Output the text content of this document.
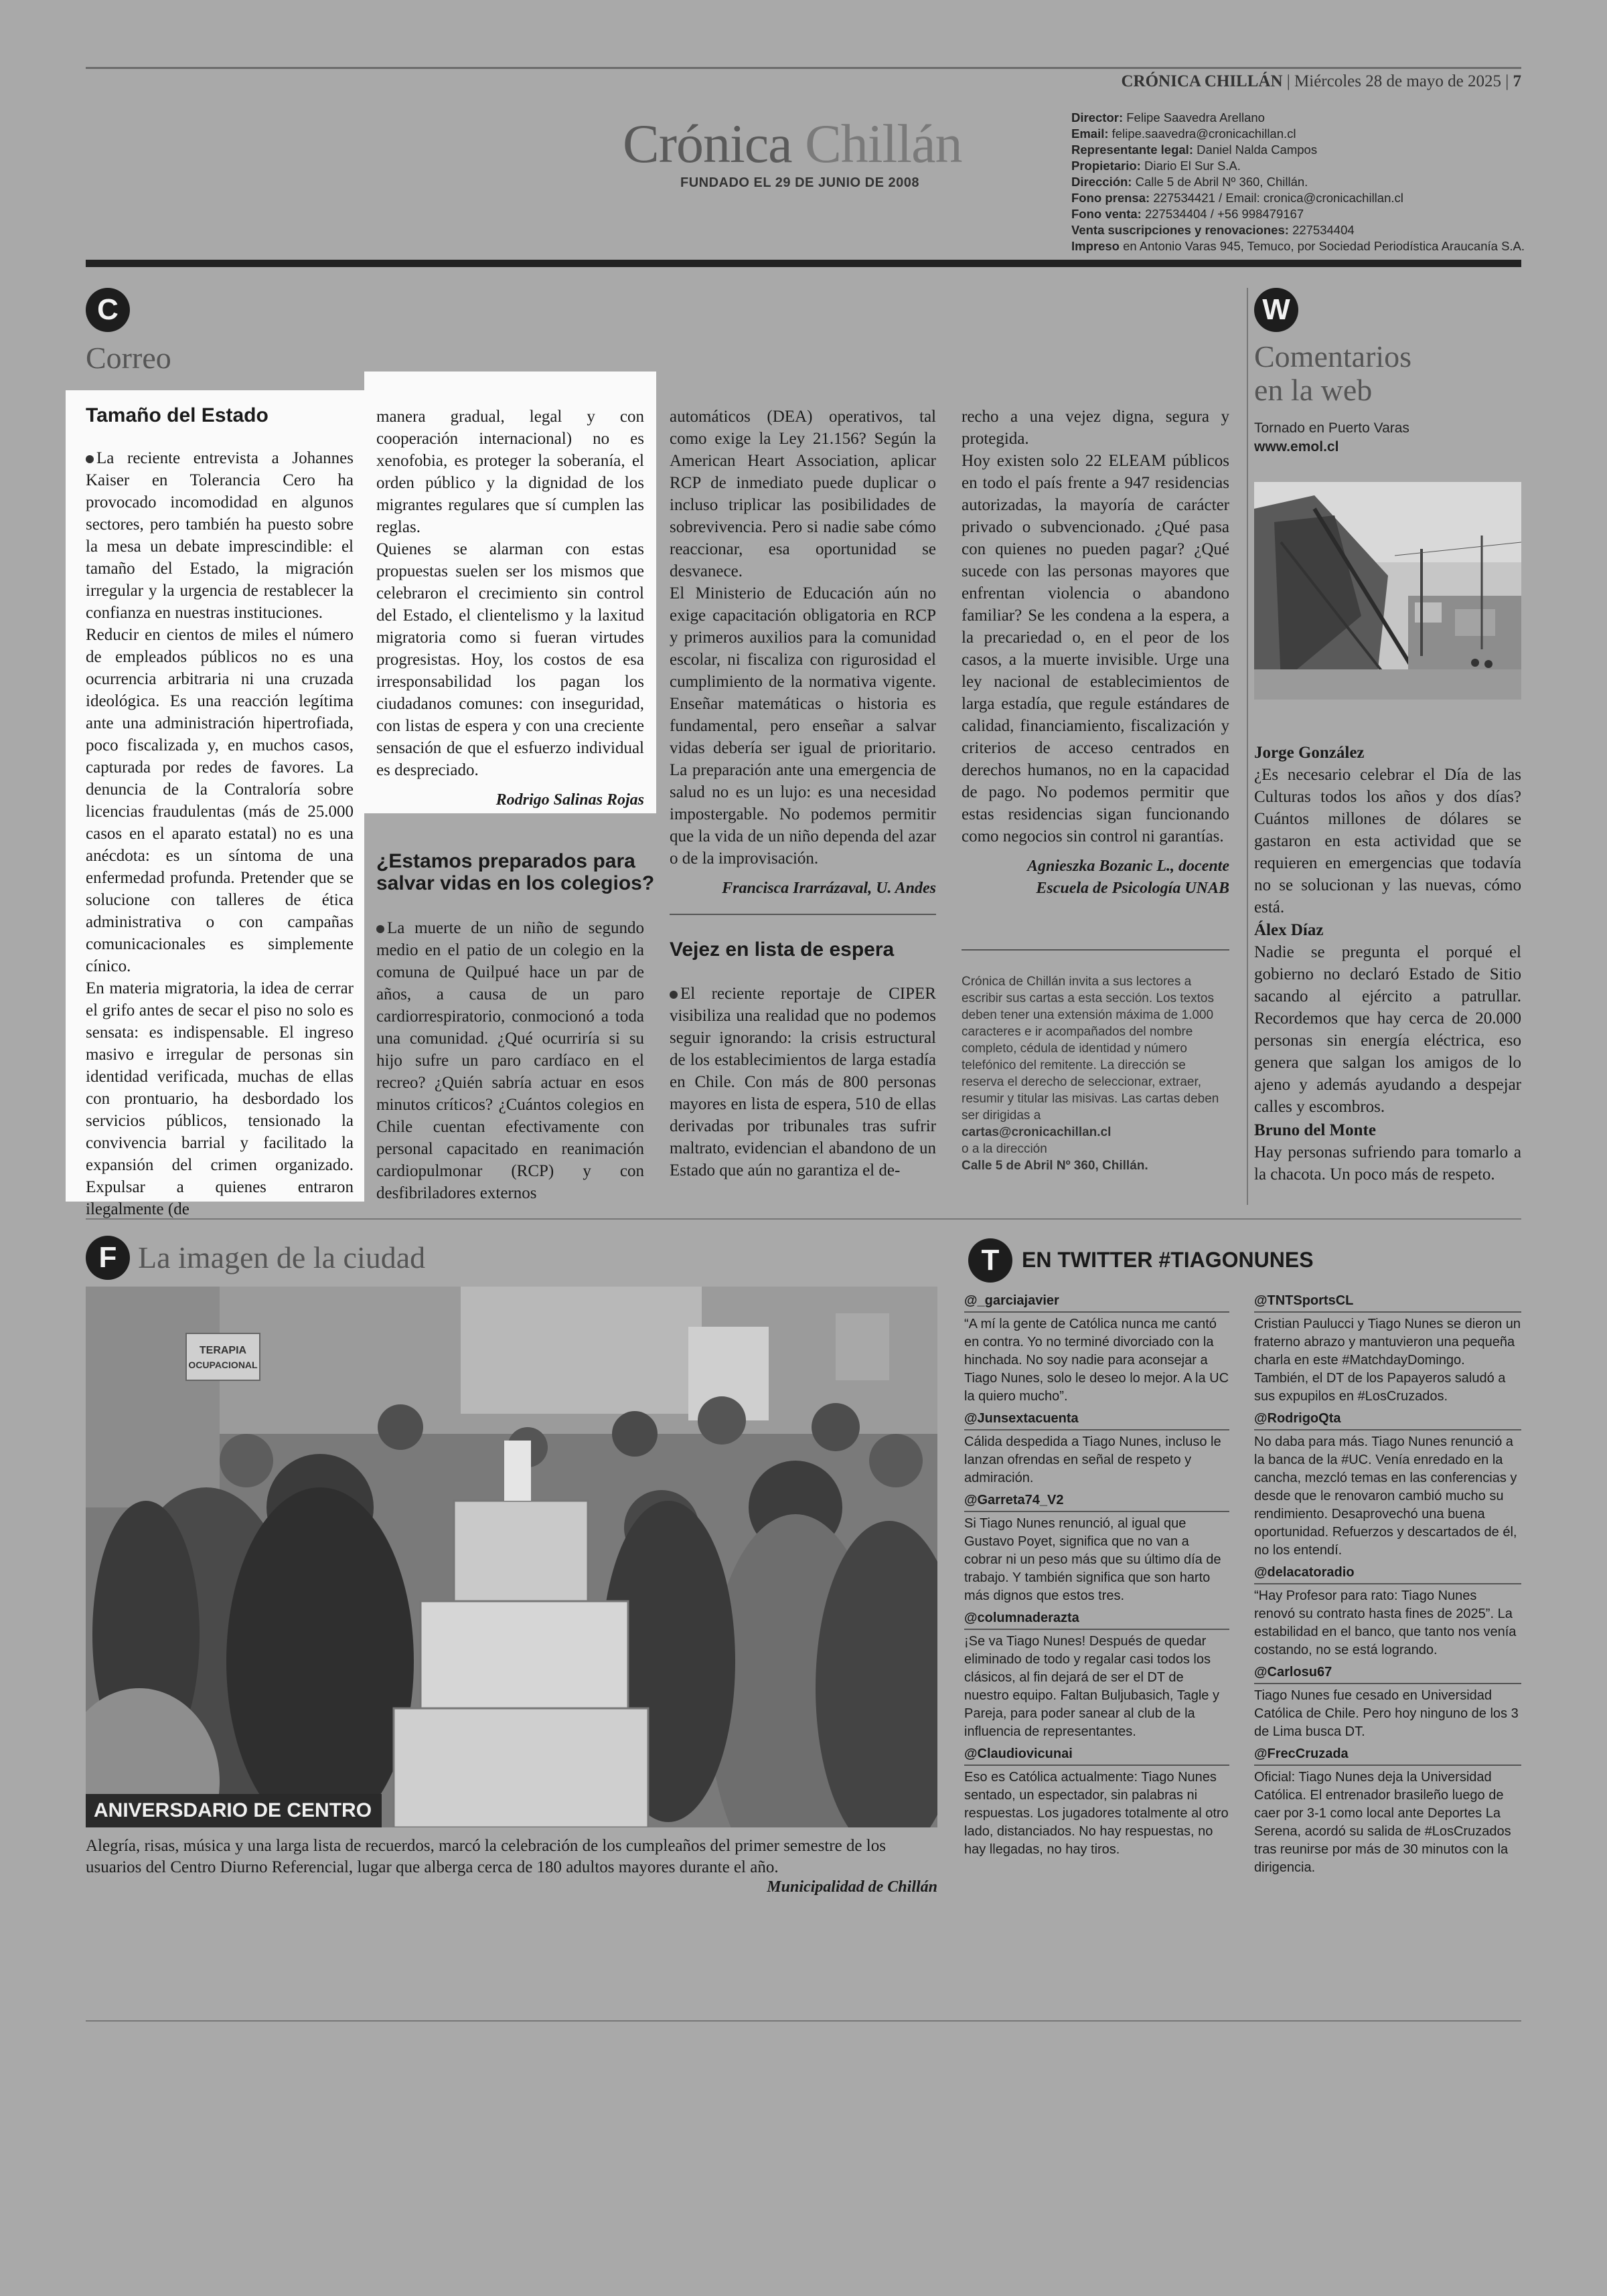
CRÓNICA CHILLÁN | Miércoles 28 de mayo de 2025 | 7
Crónica Chillán
FUNDADO EL 29 DE JUNIO DE 2008
Director: Felipe Saavedra Arellano
Email: felipe.saavedra@cronicachillan.cl
Representante legal: Daniel Nalda Campos
Propietario: Diario El Sur S.A.
Dirección: Calle 5 de Abril Nº 360, Chillán.
Fono prensa: 227534421 / Email: cronica@cronicachillan.cl
Fono venta: 227534404 / +56 998479167
Venta suscripciones y renovaciones: 227534404
Impreso en Antonio Varas 945, Temuco, por Sociedad Periodística Araucanía S.A.
C
Correo
Tamaño del Estado

La reciente entrevista a Johannes Kaiser en Tolerancia Cero ha provocado incomodidad en algunos sectores, pero también ha puesto sobre la mesa un debate imprescindible: el tamaño del Estado, la migración irregular y la urgencia de restablecer la confianza en nuestras instituciones.

Reducir en cientos de miles el número de empleados públicos no es una ocurrencia arbitraria ni una cruzada ideológica. Es una reacción legítima ante una administración hipertrofiada, poco fiscalizada y, en muchos casos, capturada por redes de favores. La denuncia de la Contraloría sobre licencias fraudulentas (más de 25.000 casos en el aparato estatal) no es una anécdota: es un síntoma de una enfermedad profunda. Pretender que se solucione con talleres de ética administrativa o con campañas comunicacionales es simplemente cínico.

En materia migratoria, la idea de cerrar el grifo antes de secar el piso no solo es sensata: es indispensable. El ingreso masivo e irregular de personas sin identidad verificada, muchas de ellas con prontuario, ha desbordado los servicios públicos, tensionado la convivencia barrial y facilitado la expansión del crimen organizado. Expulsar a quienes entraron ilegalmente (de

manera gradual, legal y con cooperación internacional) no es xenofobia, es proteger la soberanía, el orden público y la dignidad de los migrantes regulares que sí cumplen las reglas.

Quienes se alarman con estas propuestas suelen ser los mismos que celebraron el crecimiento sin control del Estado, el clientelismo y la laxitud migratoria como si fueran virtudes progresistas. Hoy, los costos de esa irresponsabilidad los pagan los ciudadanos comunes: con inseguridad, con listas de espera y con una creciente sensación de que el esfuerzo individual es despreciado.

Rodrigo Salinas Rojas
¿Estamos preparados para salvar vidas en los colegios?

La muerte de un niño de segundo medio en el patio de un colegio en la comuna de Quilpué hace un par de años, a causa de un paro cardiorrespiratorio, conmocionó a toda una comunidad. ¿Qué ocurriría si su hijo sufre un paro cardíaco en el recreo? ¿Quién sabría actuar en esos minutos críticos? ¿Cuántos colegios en Chile cuentan efectivamente con personal capacitado en reanimación cardiopulmonar (RCP) y con desfibriladores externos

automáticos (DEA) operativos, tal como exige la Ley 21.156? Según la American Heart Association, aplicar RCP de inmediato puede duplicar o incluso triplicar las posibilidades de sobrevivencia. Pero si nadie sabe cómo reaccionar, esa oportunidad se desvanece.

El Ministerio de Educación aún no exige capacitación obligatoria en RCP y primeros auxilios para la comunidad escolar, ni fiscaliza con rigurosidad el cumplimiento de la normativa vigente. Enseñar matemáticas o historia es fundamental, pero enseñar a salvar vidas debería ser igual de prioritario. La preparación ante una emergencia de salud no es un lujo: es una necesidad impostergable. No podemos permitir que la vida de un niño dependa del azar o de la improvisación.

Francisca Irarrázaval, U. Andes
Vejez en lista de espera

El reciente reportaje de CIPER visibiliza una realidad que no podemos seguir ignorando: la crisis estructural de los establecimientos de larga estadía en Chile. Con más de 800 personas mayores en lista de espera, 510 de ellas derivadas por tribunales tras sufrir maltrato, evidencian el abandono de un Estado que aún no garantiza el de-

recho a una vejez digna, segura y protegida.

Hoy existen solo 22 ELEAM públicos en todo el país frente a 947 residencias autorizadas, la mayoría de carácter privado o subvencionado. ¿Qué pasa con quienes no pueden pagar? ¿Qué sucede con las personas mayores que enfrentan violencia o abandono familiar? Se les condena a la espera, a la precariedad o, en el peor de los casos, a la muerte invisible. Urge una ley nacional de establecimientos de larga estadía, que regule estándares de calidad, financiamiento, fiscalización y criterios de acceso centrados en derechos humanos, no en la capacidad de pago. No podemos permitir que estas residencias sigan funcionando como negocios sin control ni garantías.

Agnieszka Bozanic L., docente
Escuela de Psicología UNAB
Crónica de Chillán invita a sus lectores a escribir sus cartas a esta sección. Los textos deben tener una extensión máxima de 1.000 caracteres e ir acompañados del nombre completo, cédula de identidad y número telefónico del remitente. La dirección se reserva el derecho de seleccionar, extraer, resumir y titular las misivas. Las cartas deben ser dirigidas a
cartas@cronicachillan.cl
o a la dirección
Calle 5 de Abril Nº 360, Chillán.
W
Comentarios
en la web
Tornado en Puerto Varas
www.emol.cl
Jorge González
¿Es necesario celebrar el Día de las Culturas todos los años y dos días? Cuántos millones de dólares se gastaron en esta actividad que se requieren en emergencias que todavía no se solucionan y las nuevas, cómo está.
Álex Díaz
Nadie se pregunta el porqué el gobierno no declaró Estado de Sitio sacando al ejército a patrullar. Recordemos que hay cerca de 20.000 personas sin energía eléctrica, eso genera que salgan los amigos de lo ajeno y además ayudando a despejar calles y escombros.
Bruno del Monte
Hay personas sufriendo para tomarlo a la chacota. Un poco más de respeto.
F La imagen de la ciudad
TERAPIA
OCUPACIONAL
ANIVERSDARIO DE CENTRO
Alegría, risas, música y una larga lista de recuerdos, marcó la celebración de los cumpleaños del primer semestre de los usuarios del Centro Diurno Referencial, lugar que alberga cerca de 180 adultos mayores durante el año.
Municipalidad de Chillán
T	EN TWITTER #TIAGONUNES
@_garciajavier
“A mí la gente de Católica nunca me cantó en contra. Yo no terminé divorciado con la hinchada. No soy nadie para aconsejar a Tiago Nunes, solo le deseo lo mejor. A la UC la quiero mucho”.
@Junsextacuenta
Cálida despedida a Tiago Nunes, incluso le lanzan ofrendas en señal de respeto y admiración.
@Garreta74_V2
Si Tiago Nunes renunció, al igual que Gustavo Poyet, significa que no van a cobrar ni un peso más que su último día de trabajo. Y también significa que son harto más dignos que estos tres.
@columnaderazta
¡Se va Tiago Nunes! Después de quedar eliminado de todo y regalar casi todos los clásicos, al fin dejará de ser el DT de nuestro equipo. Faltan Buljubasich, Tagle y Pareja, para poder sanear al club de la influencia de representantes.
@Claudiovicunai
Eso es Católica actualmente: Tiago Nunes sentado, un espectador, sin palabras ni respuestas. Los jugadores totalmente al otro lado, distanciados. No hay respuestas, no hay llegadas, no hay tiros.
@TNTSportsCL
Cristian Paulucci y Tiago Nunes se dieron un fraterno abrazo y mantuvieron una pequeña charla en este #MatchdayDomingo. También, el DT de los Papayeros saludó a sus expupilos en #LosCruzados.
@RodrigoQta
No daba para más. Tiago Nunes renunció a la banca de la #UC. Venía enredado en la cancha, mezcló temas en las conferencias y desde que le renovaron cambió mucho su rendimiento. Desaprovechó una buena oportunidad. Refuerzos y descartados de él, no los entendí.
@delacatoradio
“Hay Profesor para rato: Tiago Nunes renovó su contrato hasta fines de 2025”. La estabilidad en el banco, que tanto nos venía costando, no se está logrando.
@Carlosu67
Tiago Nunes fue cesado en Universidad Católica de Chile. Pero hoy ninguno de los 3 de Lima busca DT.
@FrecCruzada
Oficial: Tiago Nunes deja la Universidad Católica. El entrenador brasileño luego de caer por 3-1 como local ante Deportes La Serena, acordó su salida de #LosCruzados tras reunirse por más de 30 minutos con la dirigencia.
